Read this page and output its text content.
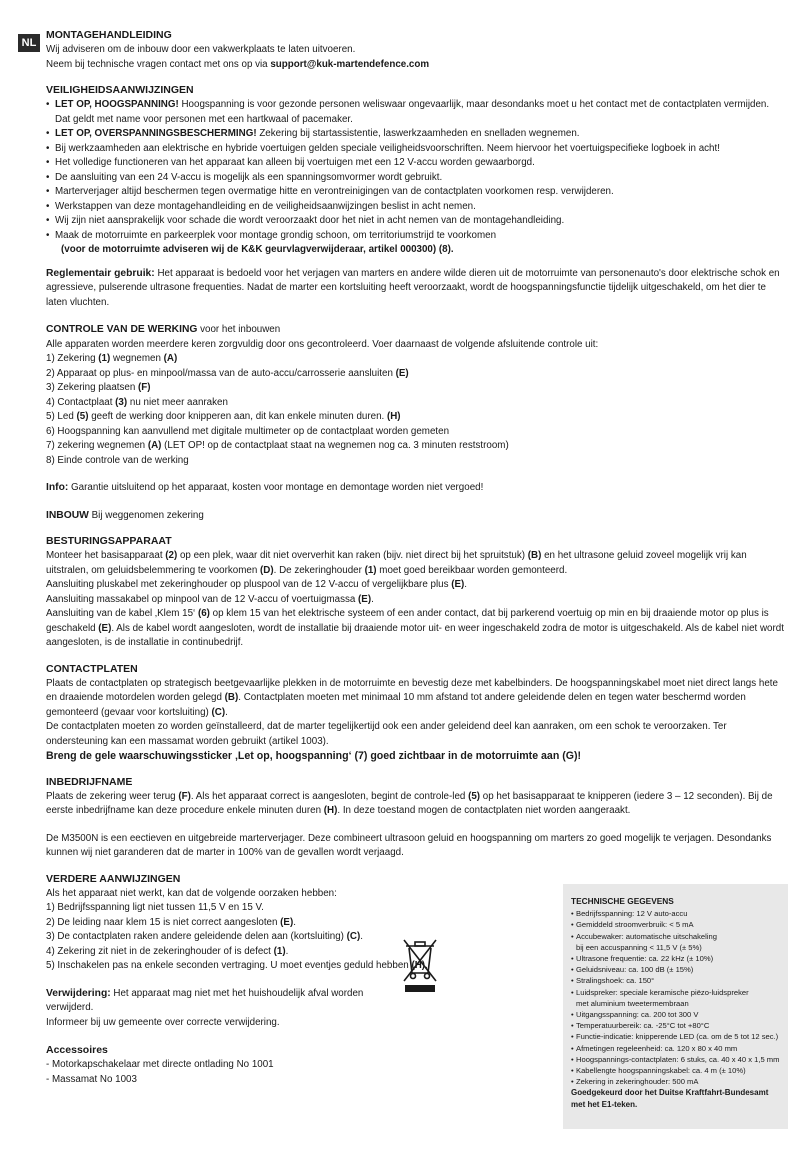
NL

MONTAGEHANDLEIDING

Wij adviseren om de inbouw door een vakwerkplaats te laten uitvoeren.

Neem bij technische vragen contact met ons op via support@kuk-martendefence.com

VEILIGHEIDSAANWIJZINGEN

• LET OP, HOOGSPANNING! Hoogspanning is voor gezonde personen weliswaar ongevaarlijk, maar desondanks moet u het contact met de contactplaten vermijden. Dat geldt met name voor personen met een hartkwaal of pacemaker.
• LET OP, OVERSPANNINGSBESCHERMING! Zekering bij startassistentie, laswerkzaamheden en snelladen wegnemen.
• Bij werkzaamheden aan elektrische en hybride voertuigen gelden speciale veiligheidsvoorschriften. Neem hiervoor het voertuigspecifieke logboek in acht!
• Het volledige functioneren van het apparaat kan alleen bij voertuigen met een 12 V-accu worden gewaarborgd.
• De aansluiting van een 24 V-accu is mogelijk als een spanningsomvormer wordt gebruikt.
• Marterverjager altijd beschermen tegen overmatige hitte en verontreinigingen van de contactplaten voorkomen resp. verwijderen.
• Werkstappen van deze montagehandleiding en de veiligheidsaanwijzingen beslist in acht nemen.
• Wij zijn niet aansprakelijk voor schade die wordt veroorzaakt door het niet in acht nemen van de montagehandleiding.
• Maak de motorruimte en parkeerplek voor montage grondig schoon, om territoriumstrijd te voorkomen
(voor de motorruimte adviseren wij de K&K geurvlagverwijderaar, artikel 000300) (8).

Reglementair gebruik: Het apparaat is bedoeld voor het verjagen van marters en andere wilde dieren uit de motorruimte van personenauto's door elektrische schok en agressieve, pulserende ultrasone frequenties. Nadat de marter een kortsluiting heeft veroorzaakt, wordt de hoogspanningsfunctie tijdelijk uitgeschakeld, om het dier te laten vluchten.

CONTROLE VAN DE WERKING voor het inbouwen

Alle apparaten worden meerdere keren zorgvuldig door ons gecontroleerd. Voer daarnaast de volgende afsluitende controle uit:

1) Zekering (1) wegnemen (A)

2) Apparaat op plus- en minpool/massa van de auto-accu/carrosserie aansluiten (E)

3) Zekering plaatsen (F)

4) Contactplaat (3) nu niet meer aanraken

5) Led (5) geeft de werking door knipperen aan, dit kan enkele minuten duren. (H)

6) Hoogspanning kan aanvullend met digitale multimeter op de contactplaat worden gemeten

7) zekering wegnemen (A) (LET OP! op de contactplaat staat na wegnemen nog ca. 3 minuten reststroom)

8) Einde controle van de werking

Info: Garantie uitsluitend op het apparaat, kosten voor montage en demontage worden niet vergoed!

INBOUW Bij weggenomen zekering

BESTURINGSAPPARAAT

Monteer het basisapparaat (2) op een plek, waar dit niet oververhit kan raken (bijv. niet direct bij het spruitstuk) (B) en het ultrasone geluid zoveel mogelijk vrij kan uitstralen, om geluidsbelemmering te voorkomen (D). De zekeringhouder (1) moet goed bereikbaar worden gemonteerd.

Aansluiting pluskabel met zekeringhouder op pluspool van de 12 V-accu of vergelijkbare plus (E).

Aansluiting massakabel op minpool van de 12 V-accu of voertuigmassa (E).

Aansluiting van de kabel ‚Klem 15‘ (6) op klem 15 van het elektrische systeem of een ander contact, dat bij parkerend voertuig op min en bij draaiende motor op plus is geschakeld (E). Als de kabel wordt aangesloten, wordt de installatie bij draaiende motor uit- en weer ingeschakeld zodra de motor is uitgeschakeld. Als de kabel niet wordt aangesloten, is de installatie in continubedrijf.

CONTACTPLATEN

Plaats de contactplaten op strategisch beetgevaarlijke plekken in de motorruimte en bevestig deze met kabelbinders. De hoogspanningskabel moet niet direct langs hete en draaiende motordelen worden gelegd (B). Contactplaten moeten met minimaal 10 mm afstand tot andere geleidende delen en tegen water beschermd worden gemonteerd (gevaar voor kortsluiting) (C).

De contactplaten moeten zo worden geïnstalleerd, dat de marter tegelijkertijd ook een ander geleidend deel kan aanraken, om een schok te veroorzaken. Ter ondersteuning kan een massamat worden gebruikt (artikel 1003).

Breng de gele waarschuwingssticker ‚Let op, hoogspanning‘ (7) goed zichtbaar in de motorruimte aan (G)!

INBEDRIJFNAME

Plaats de zekering weer terug (F). Als het apparaat correct is aangesloten, begint de controle-led (5) op het basisapparaat te knipperen (iedere 3 – 12 seconden). Bij de eerste inbedrijfname kan deze procedure enkele minuten duren (H). In deze toestand mogen de contactplaten niet worden aangeraakt.

De M3500N is een eectieven en uitgebreide marterverjager. Deze combineert ultrasoon geluid en hoogspanning om marters zo goed mogelijk te verjagen. Desondanks kunnen wij niet garanderen dat de marter in 100% van de gevallen wordt verjaagd.

VERDERE AANWIJZINGEN

Als het apparaat niet werkt, kan dat de volgende oorzaken hebben:

1) Bedrijfsspanning ligt niet tussen 11,5 V en 15 V.

2) De leiding naar klem 15 is niet correct aangesloten (E).

3) De contactplaten raken andere geleidende delen aan (kortsluiting) (C).

4) Zekering zit niet in de zekeringhouder of is defect (1).

5) Inschakelen pas na enkele seconden vertraging. U moet eventjes geduld hebben (H).

Verwijdering: Het apparaat mag niet met het huishoudelijk afval worden verwijderd.

Informeer bij uw gemeente over correcte verwijdering.

Accessoires

- Motorkapschakelaar met directe ontlading No 1001

- Massamat No 1003

TECHNISCHE GEGEVENS
• Bedrijfsspanning: 12 V auto-accu
• Gemiddeld stroomverbruik: < 5 mA
• Accubewaker: automatische uitschakeling
bij een accuspanning < 11,5 V (± 5%)
• Ultrasone frequentie: ca. 22 kHz (± 10%)
• Geluidsniveau: ca. 100 dB (± 15%)
• Stralingshoek: ca. 150°
• Luidspreker: speciale keramische piëzo-luidspreker
met aluminium tweetermembraan
• Uitgangsspanning: ca. 200 tot 300 V
• Temperatuurbereik: ca. -25°C tot +80°C
• Functie-indicatie: knipperende LED (ca. om de 5 tot 12 sec.)
• Afmetingen regeleenheid: ca. 120 x 80 x 40 mm
• Hoogspannings-contactplaten: 6 stuks, ca. 40 x 40 x 1,5 mm
• Kabellengte hoogspanningskabel: ca. 4 m (± 10%)
• Zekering in zekeringhouder: 500 mA
Goedgekeurd door het Duitse Kraftfahrt-Bundesamt met het E1-teken.
